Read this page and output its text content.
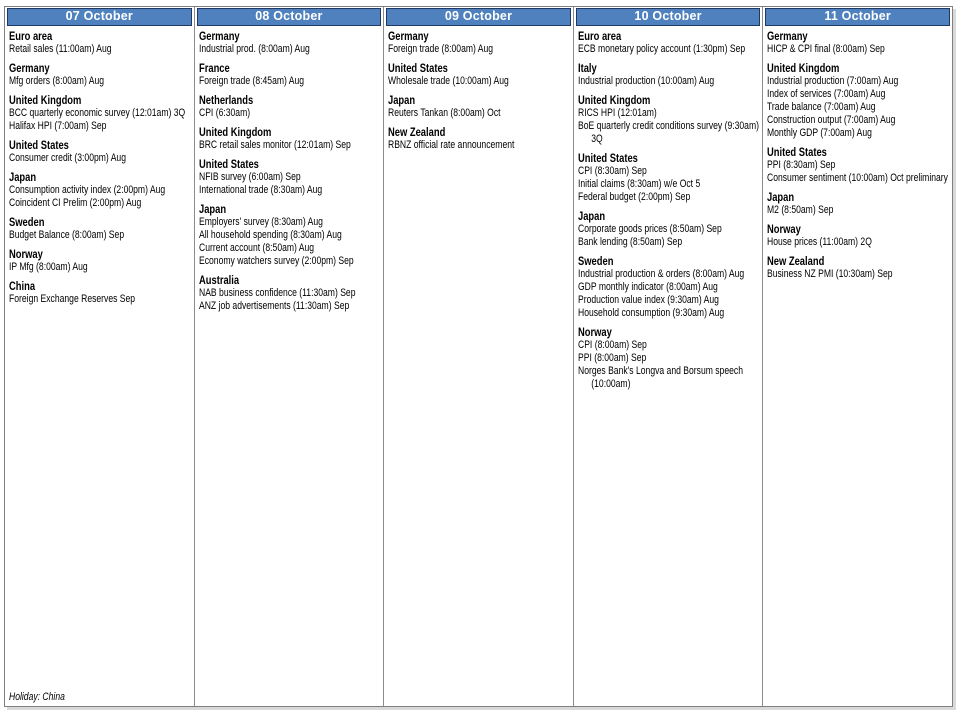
07 October
Euro area
Retail sales (11:00am) Aug
Germany
Mfg orders (8:00am) Aug
United Kingdom
BCC quarterly economic survey (12:01am) 3Q
Halifax HPI (7:00am) Sep
United States
Consumer credit (3:00pm) Aug
Japan
Consumption activity index (2:00pm) Aug
Coincident CI Prelim (2:00pm) Aug
Sweden
Budget Balance (8:00am) Sep
Norway
IP Mfg (8:00am) Aug
China
Foreign Exchange Reserves Sep
Holiday: China
08 October
Germany
Industrial prod. (8:00am) Aug
France
Foreign trade (8:45am) Aug
Netherlands
CPI (6:30am)
United Kingdom
BRC retail sales monitor (12:01am) Sep
United States
NFIB survey (6:00am) Sep
International trade (8:30am) Aug
Japan
Employers' survey (8:30am) Aug
All household spending (8:30am) Aug
Current account (8:50am) Aug
Economy watchers survey (2:00pm) Sep
Australia
NAB business confidence (11:30am) Sep
ANZ job advertisements (11:30am) Sep
09 October
Germany
Foreign trade (8:00am) Aug
United States
Wholesale trade (10:00am) Aug
Japan
Reuters Tankan (8:00am) Oct
New Zealand
RBNZ official rate announcement
10 October
Euro area
ECB monetary policy account (1:30pm) Sep
Italy
Industrial production (10:00am) Aug
United Kingdom
RICS HPI (12:01am)
BoE quarterly credit conditions survey (9:30am) 3Q
United States
CPI (8:30am) Sep
Initial claims (8:30am) w/e Oct 5
Federal budget (2:00pm) Sep
Japan
Corporate goods prices (8:50am) Sep
Bank lending (8:50am) Sep
Sweden
Industrial production & orders (8:00am) Aug
GDP monthly indicator (8:00am) Aug
Production value index (9:30am) Aug
Household consumption (9:30am) Aug
Norway
CPI (8:00am) Sep
PPI (8:00am) Sep
Norges Bank's Longva and Borsum speech (10:00am)
11 October
Germany
HICP & CPI final (8:00am) Sep
United Kingdom
Industrial production (7:00am) Aug
Index of services (7:00am) Aug
Trade balance (7:00am) Aug
Construction output (7:00am) Aug
Monthly GDP (7:00am) Aug
United States
PPI (8:30am) Sep
Consumer sentiment (10:00am) Oct preliminary
Japan
M2 (8:50am) Sep
Norway
House prices (11:00am) 2Q
New Zealand
Business NZ PMI (10:30am) Sep
